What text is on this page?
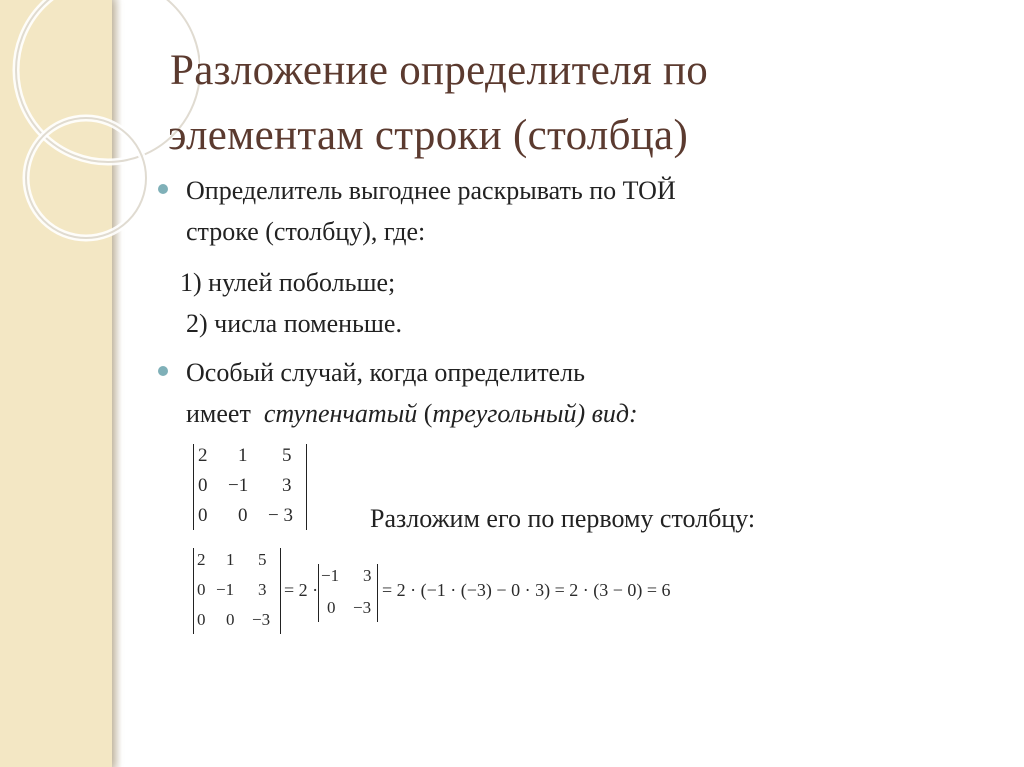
Разложение определителя по
элементам строки (столбца)
Определитель выгоднее раскрывать по ТОЙ
строке (столбцу), где:
1) нулей побольше;
2) числа поменьше.
Особый случай, когда определитель
имеет ступенчатый (треугольный) вид:
2 1 5
0 −1 3
0 0 − 3	Разложим его по первому столбцу:
2 1 5
0 −1 3
0 0 −3
= 2 ·
−1 3
0 −3
= 2 · (−1 · (−3) − 0 · 3) = 2 · (3 − 0) = 6
